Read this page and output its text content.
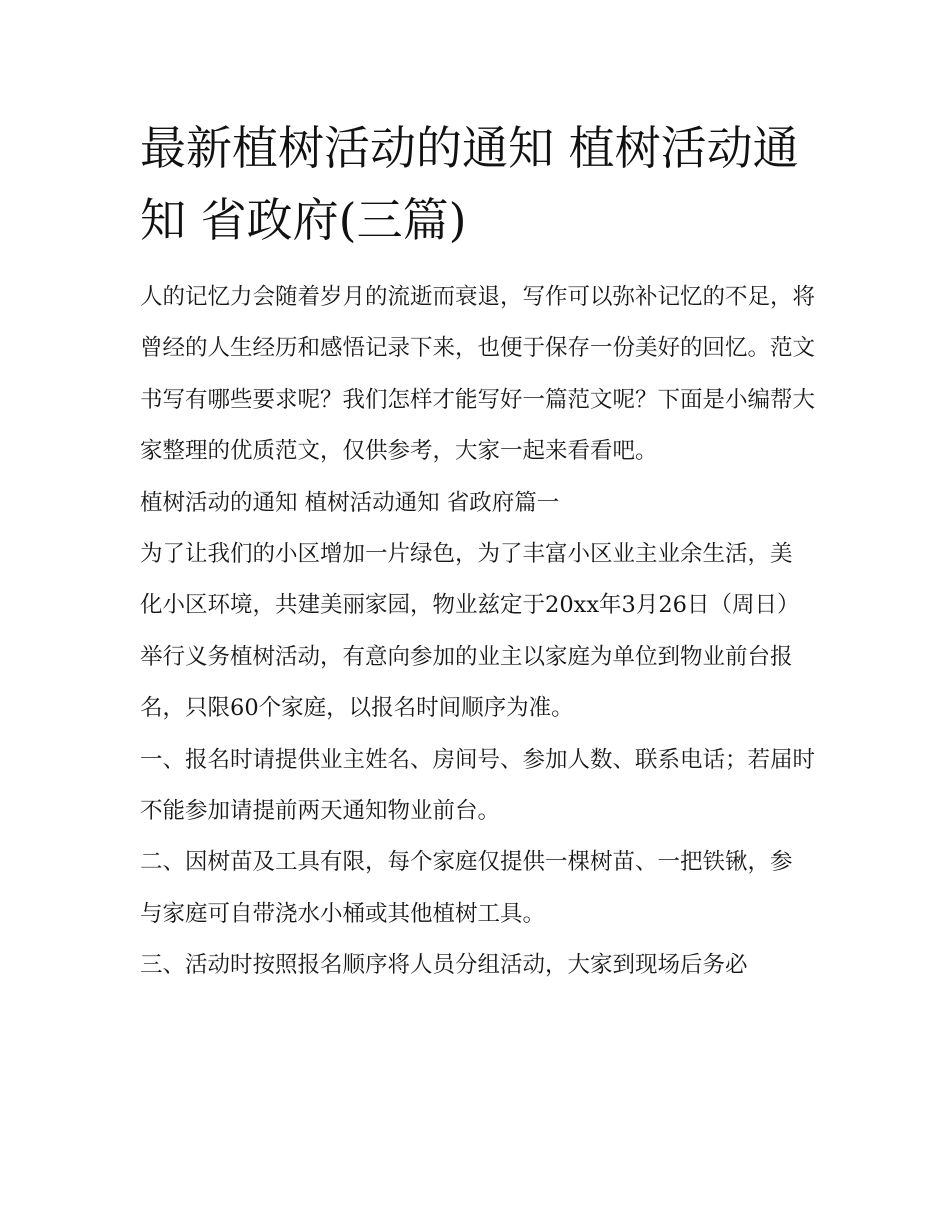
最新植树活动的通知 植树活动通知 省政府(三篇)

人的记忆力会随着岁月的流逝而衰退，写作可以弥补记忆的不足，将曾经的人生经历和感悟记录下来，也便于保存一份美好的回忆。范文书写有哪些要求呢？我们怎样才能写好一篇范文呢？下面是小编帮大家整理的优质范文，仅供参考，大家一起来看看吧。

植树活动的通知 植树活动通知 省政府篇一

为了让我们的小区增加一片绿色，为了丰富小区业主业余生活，美化小区环境，共建美丽家园，物业兹定于20xx年3月26日（周日）举行义务植树活动，有意向参加的业主以家庭为单位到物业前台报名，只限60个家庭，以报名时间顺序为准。

一、报名时请提供业主姓名、房间号、参加人数、联系电话；若届时不能参加请提前两天通知物业前台。

二、因树苗及工具有限，每个家庭仅提供一棵树苗、一把铁锹，参与家庭可自带浇水小桶或其他植树工具。

三、活动时按照报名顺序将人员分组活动，大家到现场后务必
